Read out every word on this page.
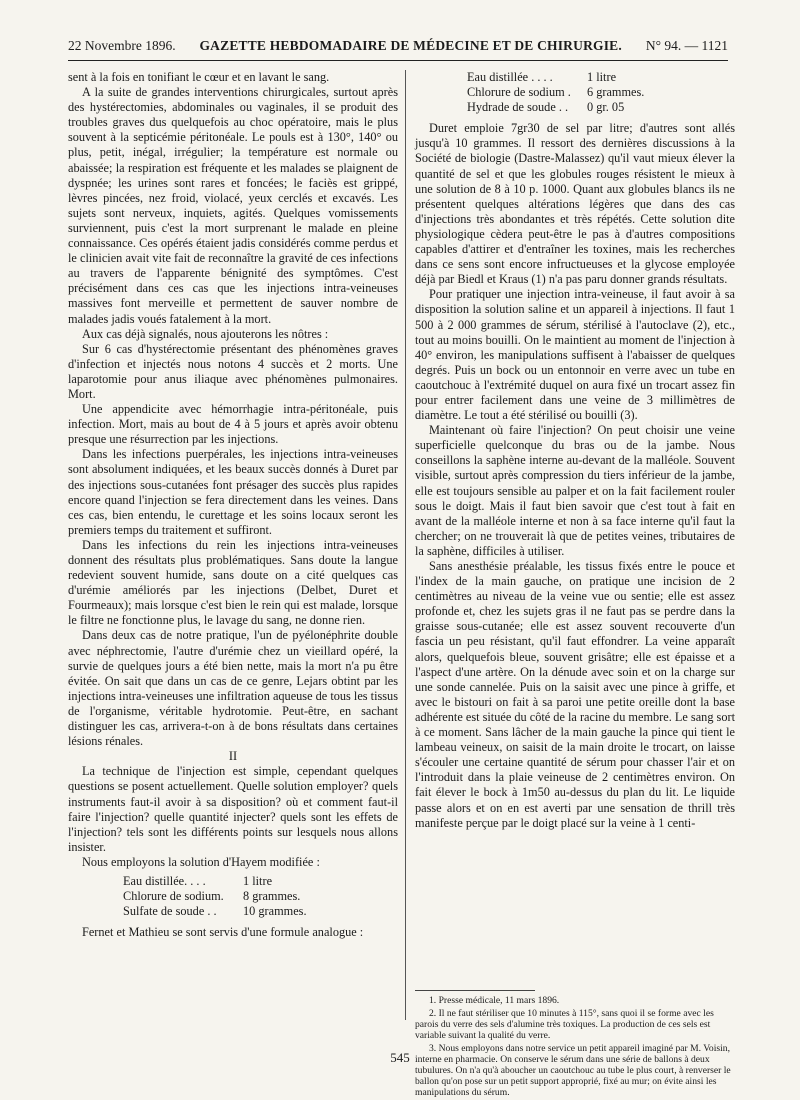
22 Novembre 1896. GAZETTE HEBDOMADAIRE DE MÉDECINE ET DE CHIRURGIE. N° 94. — 1121

sent à la fois en tonifiant le cœur et en lavant le sang.

A la suite de grandes interventions chirurgicales, surtout après des hystérectomies, abdominales ou vaginales, il se produit des troubles graves dus quelquefois au choc opératoire, mais le plus souvent à la septicémie péritonéale. Le pouls est à 130°, 140° ou plus, petit, inégal, irrégulier; la température est normale ou abaissée; la respiration est fréquente et les malades se plaignent de dyspnée; les urines sont rares et foncées; le faciès est grippé, lèvres pincées, nez froid, violacé, yeux cerclés et excavés. Les sujets sont nerveux, inquiets, agités. Quelques vomissements surviennent, puis c'est la mort surprenant le malade en pleine connaissance. Ces opérés étaient jadis considérés comme perdus et le clinicien avait vite fait de reconnaître la gravité de ces infections au travers de l'apparente bénignité des symptômes. C'est précisément dans ces cas que les injections intra-veineuses massives font merveille et permettent de sauver nombre de malades jadis voués fatalement à la mort.

Aux cas déjà signalés, nous ajouterons les nôtres :

Sur 6 cas d'hystérectomie présentant des phénomènes graves d'infection et injectés nous notons 4 succès et 2 morts. Une laparotomie pour anus iliaque avec phénomènes pulmonaires. Mort.

Une appendicite avec hémorrhagie intra-péritonéale, puis infection. Mort, mais au bout de 4 à 5 jours et après avoir obtenu presque une résurrection par les injections.

Dans les infections puerpérales, les injections intra-veineuses sont absolument indiquées, et les beaux succès donnés à Duret par des injections sous-cutanées font présager des succès plus rapides encore quand l'injection se fera directement dans les veines. Dans ces cas, bien entendu, le curettage et les soins locaux seront les premiers temps du traitement et suffiront.

Dans les infections du rein les injections intra-veineuses donnent des résultats plus problématiques. Sans doute la langue redevient souvent humide, sans doute on a cité quelques cas d'urémie améliorés par les injections (Delbet, Duret et Fourmeaux); mais lorsque c'est bien le rein qui est malade, lorsque le filtre ne fonctionne plus, le lavage du sang, ne donne rien.

Dans deux cas de notre pratique, l'un de pyélonéphrite double avec néphrectomie, l'autre d'urémie chez un vieillard opéré, la survie de quelques jours a été bien nette, mais la mort n'a pu être évitée. On sait que dans un cas de ce genre, Lejars obtint par les injections intra-veineuses une infiltration aqueuse de tous les tissus de l'organisme, véritable hydrotomie. Peut-être, en sachant distinguer les cas, arrivera-t-on à de bons résultats dans certaines lésions rénales.

II

La technique de l'injection est simple, cependant quelques questions se posent actuellement. Quelle solution employer? quels instruments faut-il avoir à sa disposition? où et comment faut-il faire l'injection? quelle quantité injecter? quels sont les effets de l'injection? tels sont les différents points sur lesquels nous allons insister.

Nous employons la solution d'Hayem modifiée :

Eau distillée. . . .	1 litre
Chlorure de sodium.	8 grammes.
Sulfate de soude . .	10 grammes.

Fernet et Mathieu se sont servis d'une formule analogue :

Eau distillée . . . .	1 litre
Chlorure de sodium .	6 grammes.
Hydrade de soude . .	0 gr. 05

Duret emploie 7gr30 de sel par litre; d'autres sont allés jusqu'à 10 grammes. Il ressort des dernières discussions à la Société de biologie (Dastre-Malassez) qu'il vaut mieux élever la quantité de sel et que les globules rouges résistent le mieux à une solution de 8 à 10 p. 1000. Quant aux globules blancs ils ne présentent quelques altérations légères que dans des cas d'injections très abondantes et très répétés. Cette solution dite physiologique cèdera peut-être le pas à d'autres compositions capables d'attirer et d'entraîner les toxines, mais les recherches dans ce sens sont encore infructueuses et la glycose employée déjà par Biedl et Kraus (1) n'a pas paru donner grands résultats.

Pour pratiquer une injection intra-veineuse, il faut avoir à sa disposition la solution saline et un appareil à injections. Il faut 1 500 à 2 000 grammes de sérum, stérilisé à l'autoclave (2), etc., tout au moins bouilli. On le maintient au moment de l'injection à 40° environ, les manipulations suffisent à l'abaisser de quelques degrés. Puis un bock ou un entonnoir en verre avec un tube en caoutchouc à l'extrémité duquel on aura fixé un trocart assez fin pour entrer facilement dans une veine de 3 millimètres de diamètre. Le tout a été stérilisé ou bouilli (3).

Maintenant où faire l'injection? On peut choisir une veine superficielle quelconque du bras ou de la jambe. Nous conseillons la saphène interne au-devant de la malléole. Souvent visible, surtout après compression du tiers inférieur de la jambe, elle est toujours sensible au palper et on la fait facilement rouler sous le doigt. Mais il faut bien savoir que c'est tout à fait en avant de la malléole interne et non à sa face interne qu'il faut la chercher; on ne trouverait là que de petites veines, tributaires de la saphène, difficiles à utiliser.

Sans anesthésie préalable, les tissus fixés entre le pouce et l'index de la main gauche, on pratique une incision de 2 centimètres au niveau de la veine vue ou sentie; elle est assez profonde et, chez les sujets gras il ne faut pas se perdre dans la graisse sous-cutanée; elle est assez souvent recouverte d'un fascia un peu résistant, qu'il faut effondrer. La veine apparaît alors, quelquefois bleue, souvent grisâtre; elle est épaisse et a l'aspect d'une artère. On la dénude avec soin et on la charge sur une sonde cannelée. Puis on la saisit avec une pince à griffe, et avec le bistouri on fait à sa paroi une petite oreille dont la base adhérente est située du côté de la racine du membre. Le sang sort à ce moment. Sans lâcher de la main gauche la pince qui tient le lambeau veineux, on saisit de la main droite le trocart, on laisse s'écouler une certaine quantité de sérum pour chasser l'air et on l'introduit dans la plaie veineuse de 2 centimètres environ. On fait élever le bock à 1m50 au-dessus du plan du lit. Le liquide passe alors et on en est averti par une sensation de thrill très manifeste perçue par le doigt placé sur la veine à 1 centi-

1. Presse médicale, 11 mars 1896.

2. Il ne faut stériliser que 10 minutes à 115°, sans quoi il se forme avec les parois du verre des sels d'alumine très toxiques. La production de ces sels est variable suivant la qualité du verre.

3. Nous employons dans notre service un petit appareil imaginé par M. Voisin, interne en pharmacie. On conserve le sérum dans une série de ballons à deux tubulures. On n'a qu'à aboucher un caoutchouc au tube le plus court, à renverser le ballon qu'on pose sur un petit support approprié, fixé au mur; on évite ainsi les manipulations du sérum.

545
